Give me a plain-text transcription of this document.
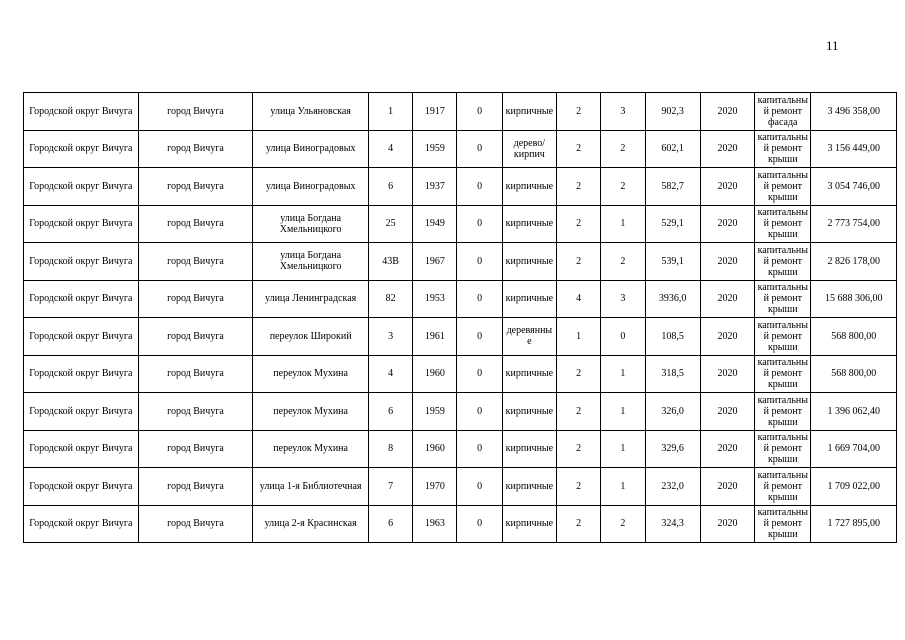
11
Городской округ Вичуга	город Вичуга	улица Ульяновская	1	1917	0	кирпичные	2	3	902,3	2020	капитальный ремонт фасада	3 496 358,00
Городской округ Вичуга	город Вичуга	улица Виноградовых	4	1959	0	дерево/кирпич	2	2	602,1	2020	капитальный ремонт крыши	3 156 449,00
Городской округ Вичуга	город Вичуга	улица Виноградовых	6	1937	0	кирпичные	2	2	582,7	2020	капитальный ремонт крыши	3 054 746,00
Городской округ Вичуга	город Вичуга	улица Богдана Хмельницкого	25	1949	0	кирпичные	2	1	529,1	2020	капитальный ремонт крыши	2 773 754,00
Городской округ Вичуга	город Вичуга	улица Богдана Хмельницкого	43В	1967	0	кирпичные	2	2	539,1	2020	капитальный ремонт крыши	2 826 178,00
Городской округ Вичуга	город Вичуга	улица Ленинградская	82	1953	0	кирпичные	4	3	3936,0	2020	капитальный ремонт крыши	15 688 306,00
Городской округ Вичуга	город Вичуга	переулок Широкий	3	1961	0	деревянные	1	0	108,5	2020	капитальный ремонт крыши	568 800,00
Городской округ Вичуга	город Вичуга	переулок Мухина	4	1960	0	кирпичные	2	1	318,5	2020	капитальный ремонт крыши	568 800,00
Городской округ Вичуга	город Вичуга	переулок Мухина	6	1959	0	кирпичные	2	1	326,0	2020	капитальный ремонт крыши	1 396 062,40
Городской округ Вичуга	город Вичуга	переулок Мухина	8	1960	0	кирпичные	2	1	329,6	2020	капитальный ремонт крыши	1 669 704,00
Городской округ Вичуга	город Вичуга	улица 1-я Библиотечная	7	1970	0	кирпичные	2	1	232,0	2020	капитальный ремонт крыши	1 709 022,00
Городской округ Вичуга	город Вичуга	улица 2-я Красинская	6	1963	0	кирпичные	2	2	324,3	2020	капитальный ремонт крыши	1 727 895,00
